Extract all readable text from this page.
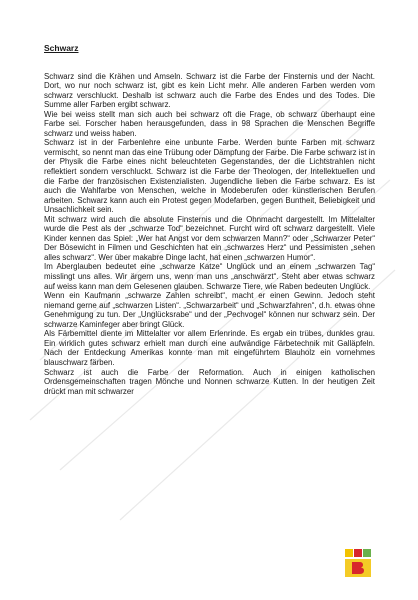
Schwarz

Schwarz sind die Krähen und Amseln. Schwarz ist die Farbe der Finsternis und der Nacht. Dort, wo nur noch schwarz ist, gibt es kein Licht mehr. Alle anderen Farben werden vom schwarz verschluckt. Deshalb ist schwarz auch die Farbe des Endes und des Todes. Die Summe aller Farben ergibt schwarz.

Wie bei weiss stellt man sich auch bei schwarz oft die Frage, ob schwarz überhaupt eine Farbe sei. Forscher haben herausgefunden, dass in 98 Sprachen die Menschen Begriffe schwarz und weiss haben.

Schwarz ist in der Farbenlehre eine unbunte Farbe. Werden bunte Farben mit schwarz vermischt, so nennt man das eine Trübung oder Dämpfung der Farbe. Die Farbe schwarz ist in der Physik die Farbe eines nicht beleuchteten Gegenstandes, der die Lichtstrahlen nicht reflektiert sondern verschluckt. Schwarz ist die Farbe der Theologen, der Intellektuellen und die Farbe der französischen Existenzialisten. Jugendliche lieben die Farbe schwarz. Es ist auch die Wahlfarbe von Menschen, welche in Modeberufen oder künstlerischen Berufen arbeiten. Schwarz kann auch ein Protest gegen Modefarben, gegen Buntheit, Beliebigkeit und Unsachlichkeit sein.

Mit schwarz wird auch die absolute Finsternis und die Ohnmacht dargestellt. Im Mittelalter wurde die Pest als der „schwarze Tod“ bezeichnet. Furcht wird oft schwarz dargestellt. Viele Kinder kennen das Spiel: „Wer hat Angst vor dem schwarzen Mann?“ oder „Schwarzer Peter“ Der Bösewicht in Filmen und Geschichten hat ein „schwarzes Herz“ und Pessimisten „sehen alles schwarz“. Wer über makabre Dinge lacht, hat einen „schwarzen Humor“.

Im Aberglauben bedeutet eine „schwarze Katze“ Unglück und an einem „schwarzen Tag“ misslingt uns alles. Wir ärgern uns, wenn man uns „anschwärzt“. Steht aber etwas schwarz auf weiss kann man dem Gelesenen glauben. Schwarze Tiere, wie Raben bedeuten Unglück.

Wenn ein Kaufmann „schwarze Zahlen schreibt“, macht er einen Gewinn. Jedoch steht niemand gerne auf „schwarzen Listen“. „Schwarzarbeit“ und „Schwarzfahren“, d.h. etwas ohne Genehmigung zu tun. Der „Unglücksrabe“ und der „Pechvogel“ können nur schwarz sein. Der schwarze Kaminfeger aber bringt Glück.

Als Färbemittel diente im Mittelalter vor allem Erlenrinde. Es ergab ein trübes, dunkles grau. Ein wirklich gutes schwarz erhielt man durch eine aufwändige Färbetechnik mit Galläpfeln. Nach der Entdeckung Amerikas konnte man mit eingeführtem Blauholz ein vornehmes blauschwarz färben.

Schwarz ist auch die Farbe der Reformation. Auch in einigen katholischen Ordensgemeinschaften tragen Mönche und Nonnen schwarze Kutten. In der heutigen Zeit drückt man mit schwarzer
